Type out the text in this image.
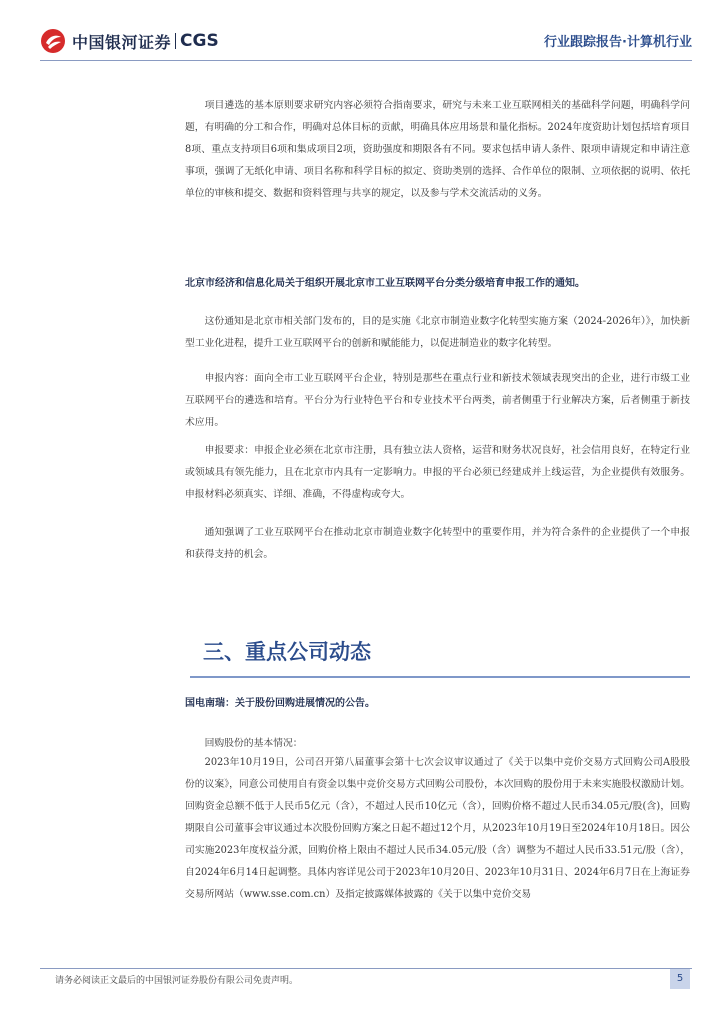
中国银河证券 CGS	行业跟踪报告·计算机行业

项目遴选的基本原则要求研究内容必须符合指南要求，研究与未来工业互联网相关的基础科学问题，明确科学问题，有明确的分工和合作，明确对总体目标的贡献，明确具体应用场景和量化指标。2024年度资助计划包括培育项目8项、重点支持项目6项和集成项目2项，资助强度和期限各有不同。要求包括申请人条件、限项申请规定和申请注意事项，强调了无纸化申请、项目名称和科学目标的拟定、资助类别的选择、合作单位的限制、立项依据的说明、依托单位的审核和提交、数据和资料管理与共享的规定，以及参与学术交流活动的义务。

北京市经济和信息化局关于组织开展北京市工业互联网平台分类分级培育申报工作的通知。

这份通知是北京市相关部门发布的，目的是实施《北京市制造业数字化转型实施方案（2024-2026年）》，加快新型工业化进程，提升工业互联网平台的创新和赋能能力，以促进制造业的数字化转型。

申报内容：面向全市工业互联网平台企业，特别是那些在重点行业和新技术领域表现突出的企业，进行市级工业互联网平台的遴选和培育。平台分为行业特色平台和专业技术平台两类，前者侧重于行业解决方案，后者侧重于新技术应用。

申报要求：申报企业必须在北京市注册，具有独立法人资格，运营和财务状况良好，社会信用良好，在特定行业或领域具有领先能力，且在北京市内具有一定影响力。申报的平台必须已经建成并上线运营，为企业提供有效服务。申报材料必须真实、详细、准确，不得虚构或夸大。

通知强调了工业互联网平台在推动北京市制造业数字化转型中的重要作用，并为符合条件的企业提供了一个申报和获得支持的机会。

三、重点公司动态

国电南瑞：关于股份回购进展情况的公告。

回购股份的基本情况：

2023年10月19日，公司召开第八届董事会第十七次会议审议通过了《关于以集中竞价交易方式回购公司A股股份的议案》，同意公司使用自有资金以集中竞价交易方式回购公司股份，本次回购的股份用于未来实施股权激励计划。回购资金总额不低于人民币5亿元（含），不超过人民币10亿元（含），回购价格不超过人民币34.05元/股(含)，回购期限自公司董事会审议通过本次股份回购方案之日起不超过12个月，从2023年10月19日至2024年10月18日。因公司实施2023年度权益分派，回购价格上限由不超过人民币34.05元/股（含）调整为不超过人民币33.51元/股（含），自2024年6月14日起调整。具体内容详见公司于2023年10月20日、2023年10月31日、2024年6月7日在上海证券交易所网站（www.sse.com.cn）及指定披露媒体披露的《关于以集中竞价交易

请务必阅读正文最后的中国银河证券股份有限公司免责声明。	5
